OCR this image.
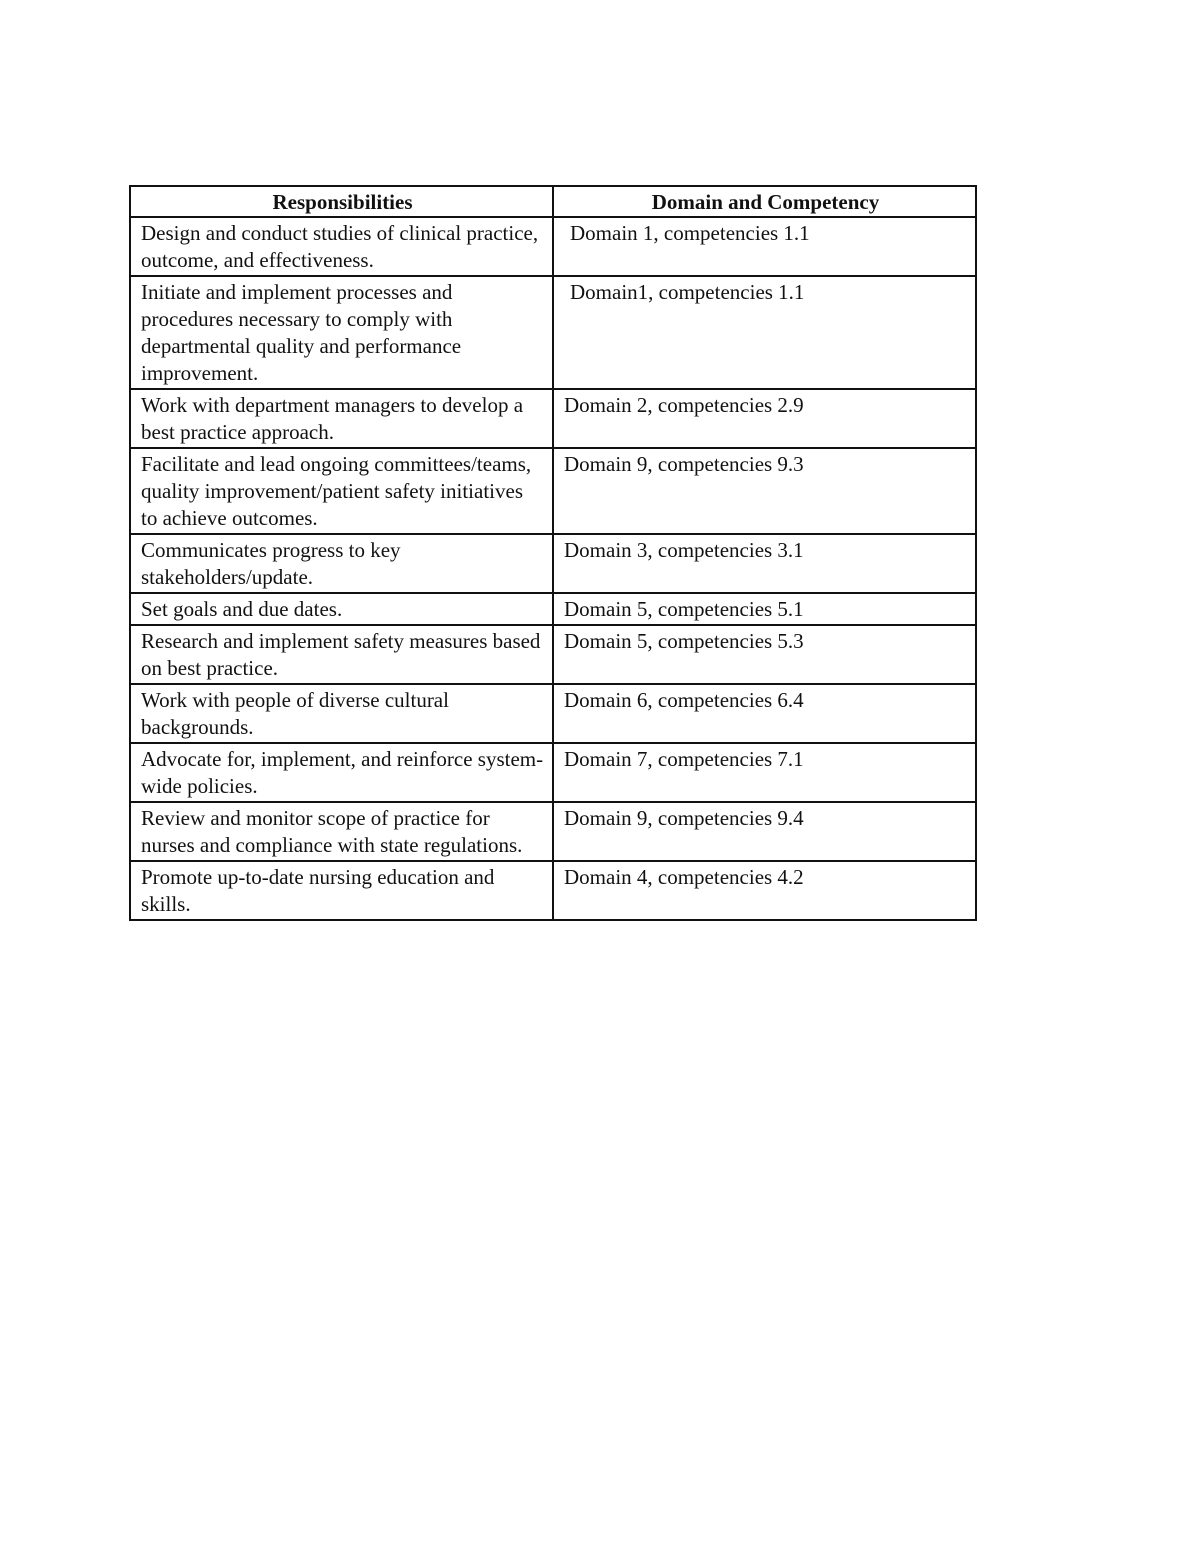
Responsibilities	Domain and Competency
Design and conduct studies of clinical practice, outcome, and effectiveness.	Domain 1, competencies 1.1
Initiate and implement processes and procedures necessary to comply with departmental quality and performance improvement.	Domain1, competencies 1.1
Work with department managers to develop a best practice approach.	Domain 2, competencies 2.9
Facilitate and lead ongoing committees/teams, quality improvement/patient safety initiatives to achieve outcomes.	Domain 9, competencies 9.3
Communicates progress to key stakeholders/update.	Domain 3, competencies 3.1
Set goals and due dates.	Domain 5, competencies 5.1
Research and implement safety measures based on best practice.	Domain 5, competencies 5.3
Work with people of diverse cultural backgrounds.	Domain 6, competencies 6.4
Advocate for, implement, and reinforce system-wide policies.	Domain 7, competencies 7.1
Review and monitor scope of practice for nurses and compliance with state regulations.	Domain 9, competencies 9.4
Promote up-to-date nursing education and skills.	Domain 4, competencies 4.2
